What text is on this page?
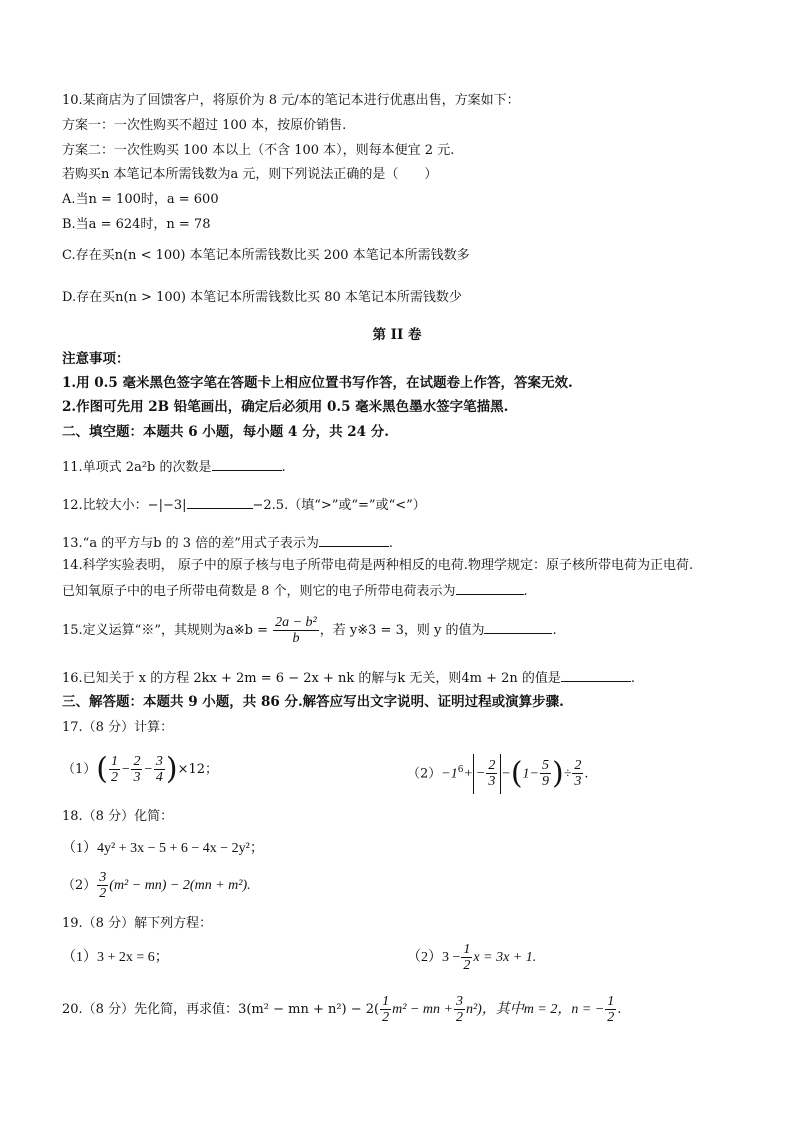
10.某商店为了回馈客户，将原价为 8 元/本的笔记本进行优惠出售，方案如下：
方案一：一次性购买不超过 100 本，按原价销售.
方案二：一次性购买 100 本以上（不含 100 本），则每本便宜 2 元.
若购买n 本笔记本所需钱数为a 元，则下列说法正确的是（　　）
A.当n = 100时，a = 600
B.当a = 624时，n = 78
C.存在买n(n < 100) 本笔记本所需钱数比买 200 本笔记本所需钱数多
D.存在买n(n > 100) 本笔记本所需钱数比买 80 本笔记本所需钱数少
第 II 卷
注意事项：
1.用 0.5 毫米黑色签字笔在答题卡上相应位置书写作答，在试题卷上作答，答案无效.
2.作图可先用 2B 铅笔画出，确定后必须用 0.5 毫米黑色墨水签字笔描黑.
二、填空题：本题共 6 小题，每小题 4 分，共 24 分.
11.单项式 2a²b 的次数是	.
12.比较大小：−|−3|	−2.5.（填“>”或“=”或“<”）
13.“a 的平方与b 的 3 倍的差”用式子表示为	.
14.科学实验表明， 原子中的原子核与电子所带电荷是两种相反的电荷.物理学规定：原子核所带电荷为正电荷.
已知氧原子中的电子所带电荷数是 8 个，则它的电子所带电荷表示为	.
15.定义运算“※”，其规则为a※b = $\frac{\text{2a − b²}}{b}$ ，若 y※3 = 3，则 y 的值为	.
16.已知关于 x 的方程 2kx + 2m = 6 − 2x + nk 的解与k 无关，则4m + 2n 的值是	.
三、解答题：本题共 9 小题，共 86 分.解答应写出文字说明、证明过程或演算步骤.
17.（8 分）计算：
$(1)( \frac{1}{2} - \frac{2}{3} - \frac{3}{4} )\times 12$；	$(2)-1^6+ - \frac{2}{3} -(1- \frac{5}{9}$ )÷ $\frac{2}{3}$ .
18.（8 分）化简：
（1）4y² + 3x − 5 + 6 − 4x − 2y²；
$(2) \frac{3}{2} (m^2 - mn) - 2(mn + m^2)$.
19.（8 分）解下列方程：
（1）3 + 2x = 6；	$(2)3 - \frac{1}{2}$ x = 3x + 1.
20.（8 分）先化简，再求值：3(m² − mn + $n^2) - 2( \frac{1}{2} m^2$ − mn + $\frac{3}{2} n^2$)，其中m = 2，n = − $\frac{1}{2}$ .
